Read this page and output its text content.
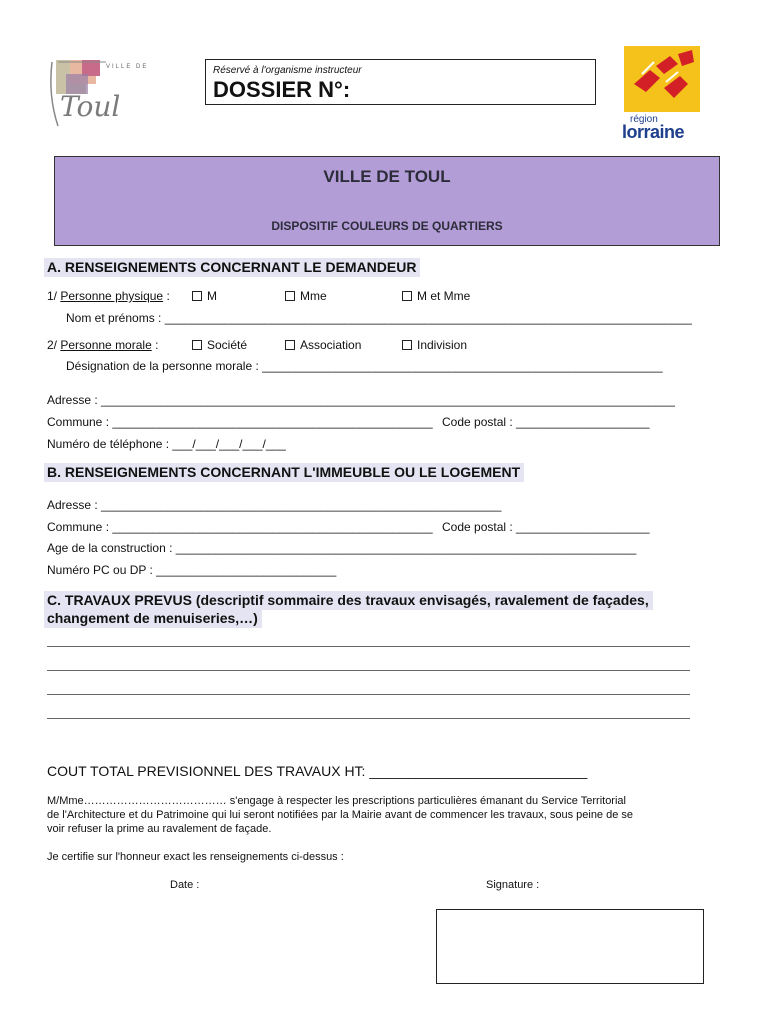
VILLE DE
Toul
Réservé à l'organisme instructeur
DOSSIER N°:
région
lorraine
VILLE DE TOUL
DISPOSITIF COULEURS DE QUARTIERS
A. RENSEIGNEMENTS CONCERNANT LE DEMANDEUR
1/ Personne physique :	M	Mme	M et Mme
Nom et prénoms : _______________________________________________________________________________
2/ Personne morale :	Société	Association	Indivision
Désignation de la personne morale : ____________________________________________________________
Adresse : ______________________________________________________________________________________
Commune : ________________________________________________ Code postal : ____________________
Numéro de téléphone : ___/___/___/___/___
B. RENSEIGNEMENTS CONCERNANT L'IMMEUBLE OU LE LOGEMENT
Adresse : ____________________________________________________________
Commune : ________________________________________________ Code postal : ____________________
Age de la construction : _____________________________________________________________________
Numéro PC ou DP : ___________________________
C. TRAVAUX PREVUS (descriptif sommaire des travaux envisagés, ravalement de façades,
changement de menuiseries,…)
COUT TOTAL PREVISIONNEL DES TRAVAUX HT: ____________________________
M/Mme………………………………… s'engage à respecter les prescriptions particulières émanant du Service Territorial
de l'Architecture et du Patrimoine qui lui seront notifiées par la Mairie avant de commencer les travaux, sous peine de se
voir refuser la prime au ravalement de façade.
Je certifie sur l'honneur exact les renseignements ci-dessus :
Date :	Signature :
